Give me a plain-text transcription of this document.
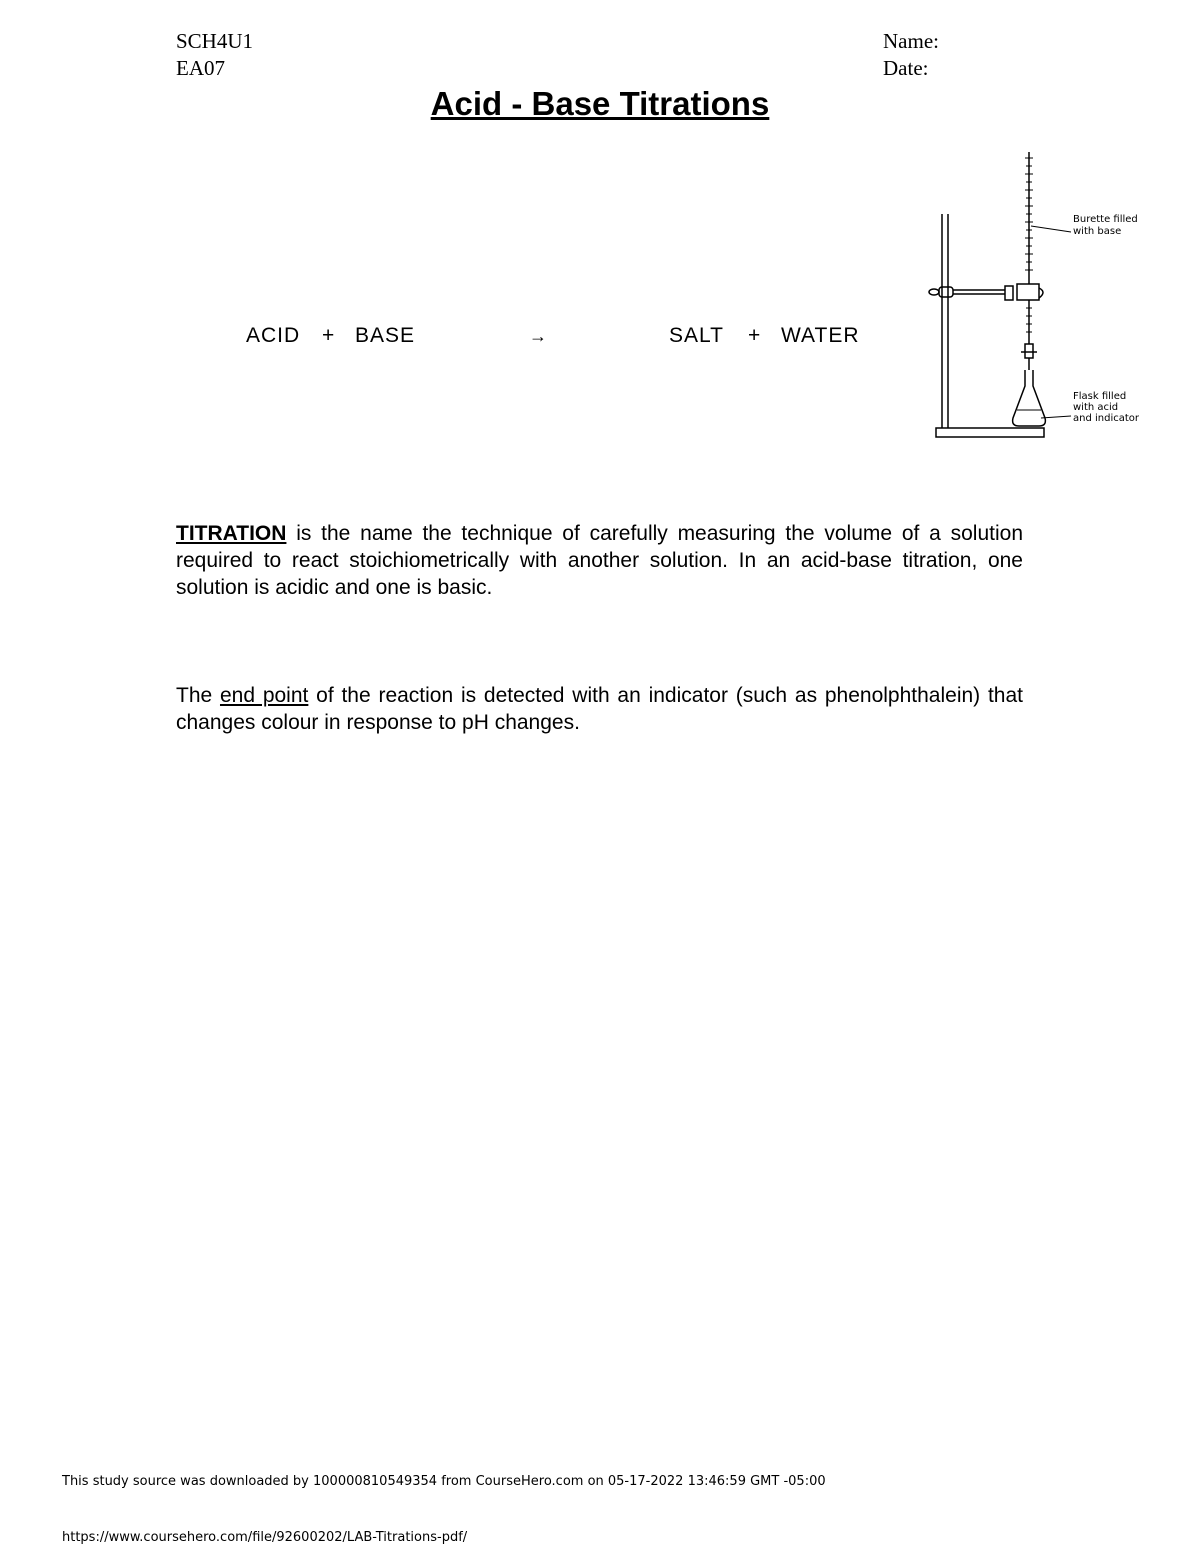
SCH4U1
EA07
Name:
Date:
Acid - Base Titrations
ACID + BASE	→	SALT + WATER
Burette filled
with base
Flask filled
with acid
and indicator

TITRATION is the name the technique of carefully measuring the volume of a solution required to react stoichiometrically with another solution. In an acid-base titration, one solution is acidic and one is basic.

The end point of the reaction is detected with an indicator (such as phenolphthalein) that changes colour in response to pH changes.

This study source was downloaded by 100000810549354 from CourseHero.com on 05-17-2022 13:46:59 GMT -05:00
https://www.coursehero.com/file/92600202/LAB-Titrations-pdf/
